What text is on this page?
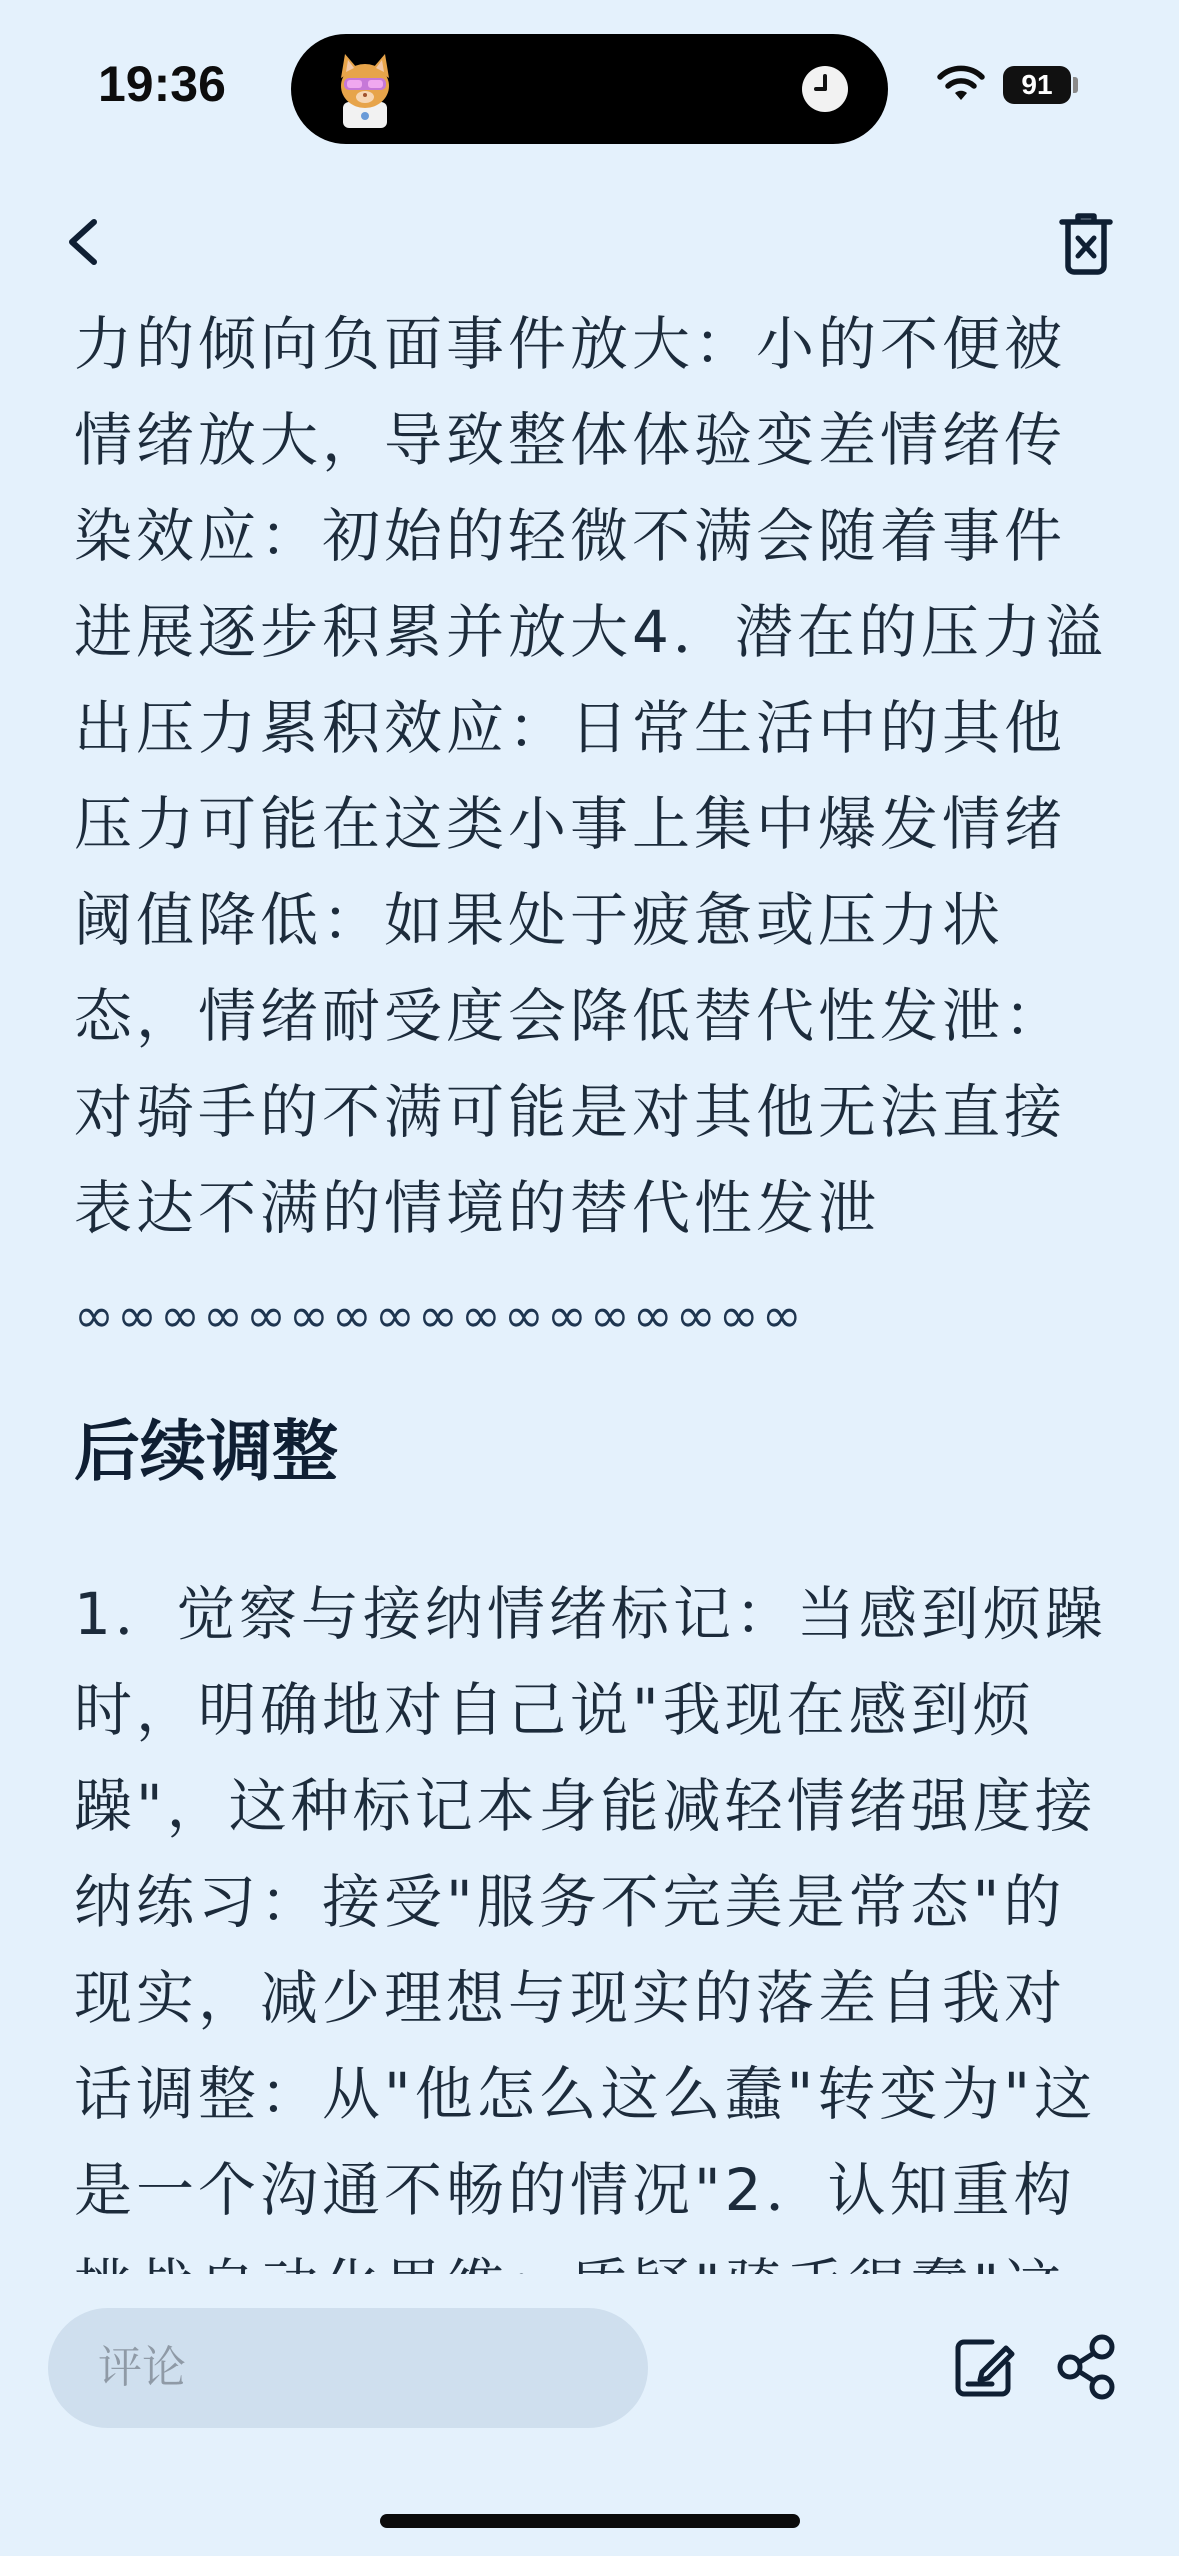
19:36	91

力的倾向负面事件放大：小的不便被情绪放大，导致整体体验变差情绪传染效应：初始的轻微不满会随着事件进展逐步积累并放大4．潜在的压力溢出压力累积效应：日常生活中的其他压力可能在这类小事上集中爆发情绪阈值降低：如果处于疲惫或压力状态，情绪耐受度会降低替代性发泄：对骑手的不满可能是对其他无法直接表达不满的情境的替代性发泄

∞∞∞∞∞∞∞∞∞∞∞∞∞∞∞∞∞
后续调整

1．觉察与接纳情绪标记：当感到烦躁时，明确地对自己说"我现在感到烦躁"，这种标记本身能减轻情绪强度接纳练习：接受"服务不完美是常态"的现实，减少理想与现实的落差自我对话调整：从"他怎么这么蠢"转变为"这是一个沟通不畅的情况"2．认知重构

评论
